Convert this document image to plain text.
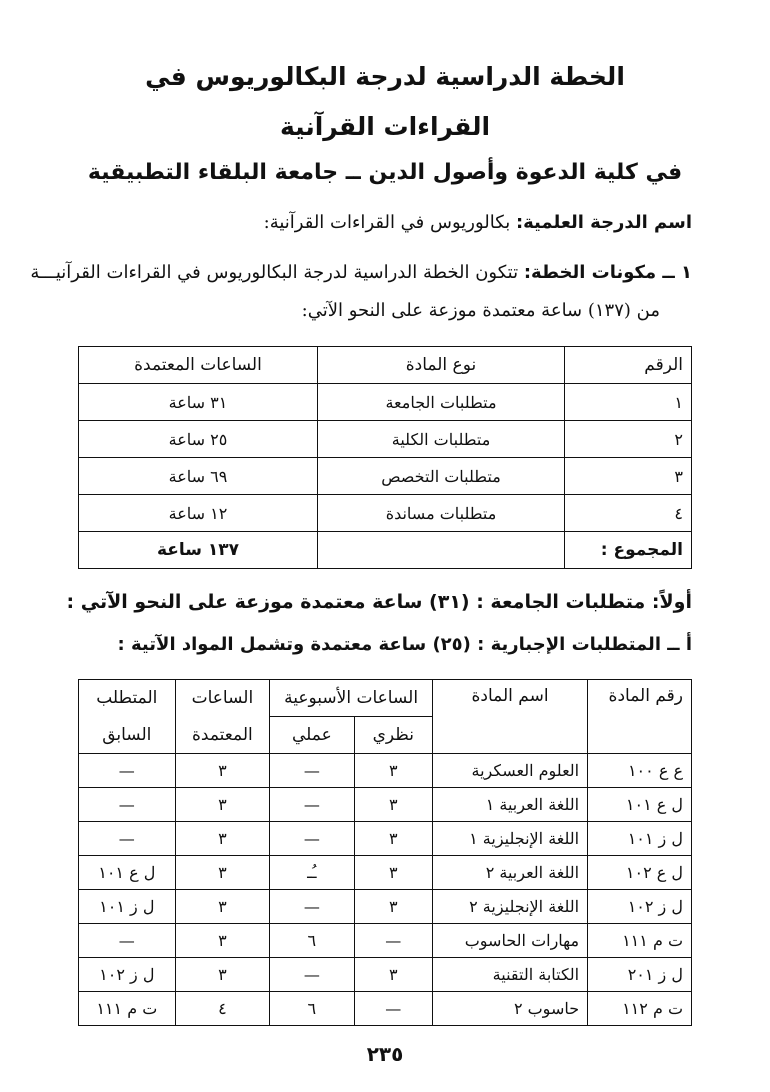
الخطة الدراسية لدرجة البكالوريوس في
القراءات القرآنية
في كلية الدعوة وأصول الدين ــ جامعة البلقاء التطبيقية

اسم الدرجة العلمية: بكالوريوس في القراءات القرآنية:

١ ــ مكونات الخطة: تتكون الخطة الدراسية لدرجة البكالوريوس في القراءات القرآنيـــة

من (١٣٧) ساعة معتمدة موزعة على النحو الآتي:

الرقم	نوع المادة	الساعات المعتمدة
١	متطلبات الجامعة	٣١ ساعة
٢	متطلبات الكلية	٢٥ ساعة
٣	متطلبات التخصص	٦٩ ساعة
٤	متطلبات مساندة	١٢ ساعة
المجموع :		١٣٧ ساعة

أولاً: متطلبات الجامعة : (٣١) ساعة معتمدة موزعة على النحو الآتي :

أ ــ المتطلبات الإجبارية : (٢٥) ساعة معتمدة وتشمل المواد الآتية :

رقم المادة	اسم المادة	الساعات الأسبوعية		الساعات	المتطلب
		نظري	عملي	المعتمدة	السابق
ع ع ١٠٠	العلوم العسكرية	٣	—	٣	—
ل ع ١٠١	اللغة العربية ١	٣	—	٣	—
ل ز ١٠١	اللغة الإنجليزية ١	٣	—	٣	—
ل ع ١٠٢	اللغة العربية ٢	٣	ـُـ	٣	ل ع ١٠١
ل ز ١٠٢	اللغة الإنجليزية ٢	٣	—	٣	ل ز ١٠١
ت م ١١١	مهارات الحاسوب	—	٦	٣	—
ل ز ٢٠١	الكتابة التقنية	٣	—	٣	ل ز ١٠٢
ت م ١١٢	حاسوب ٢	—	٦	٤	ت م ١١١

٢٣٥
